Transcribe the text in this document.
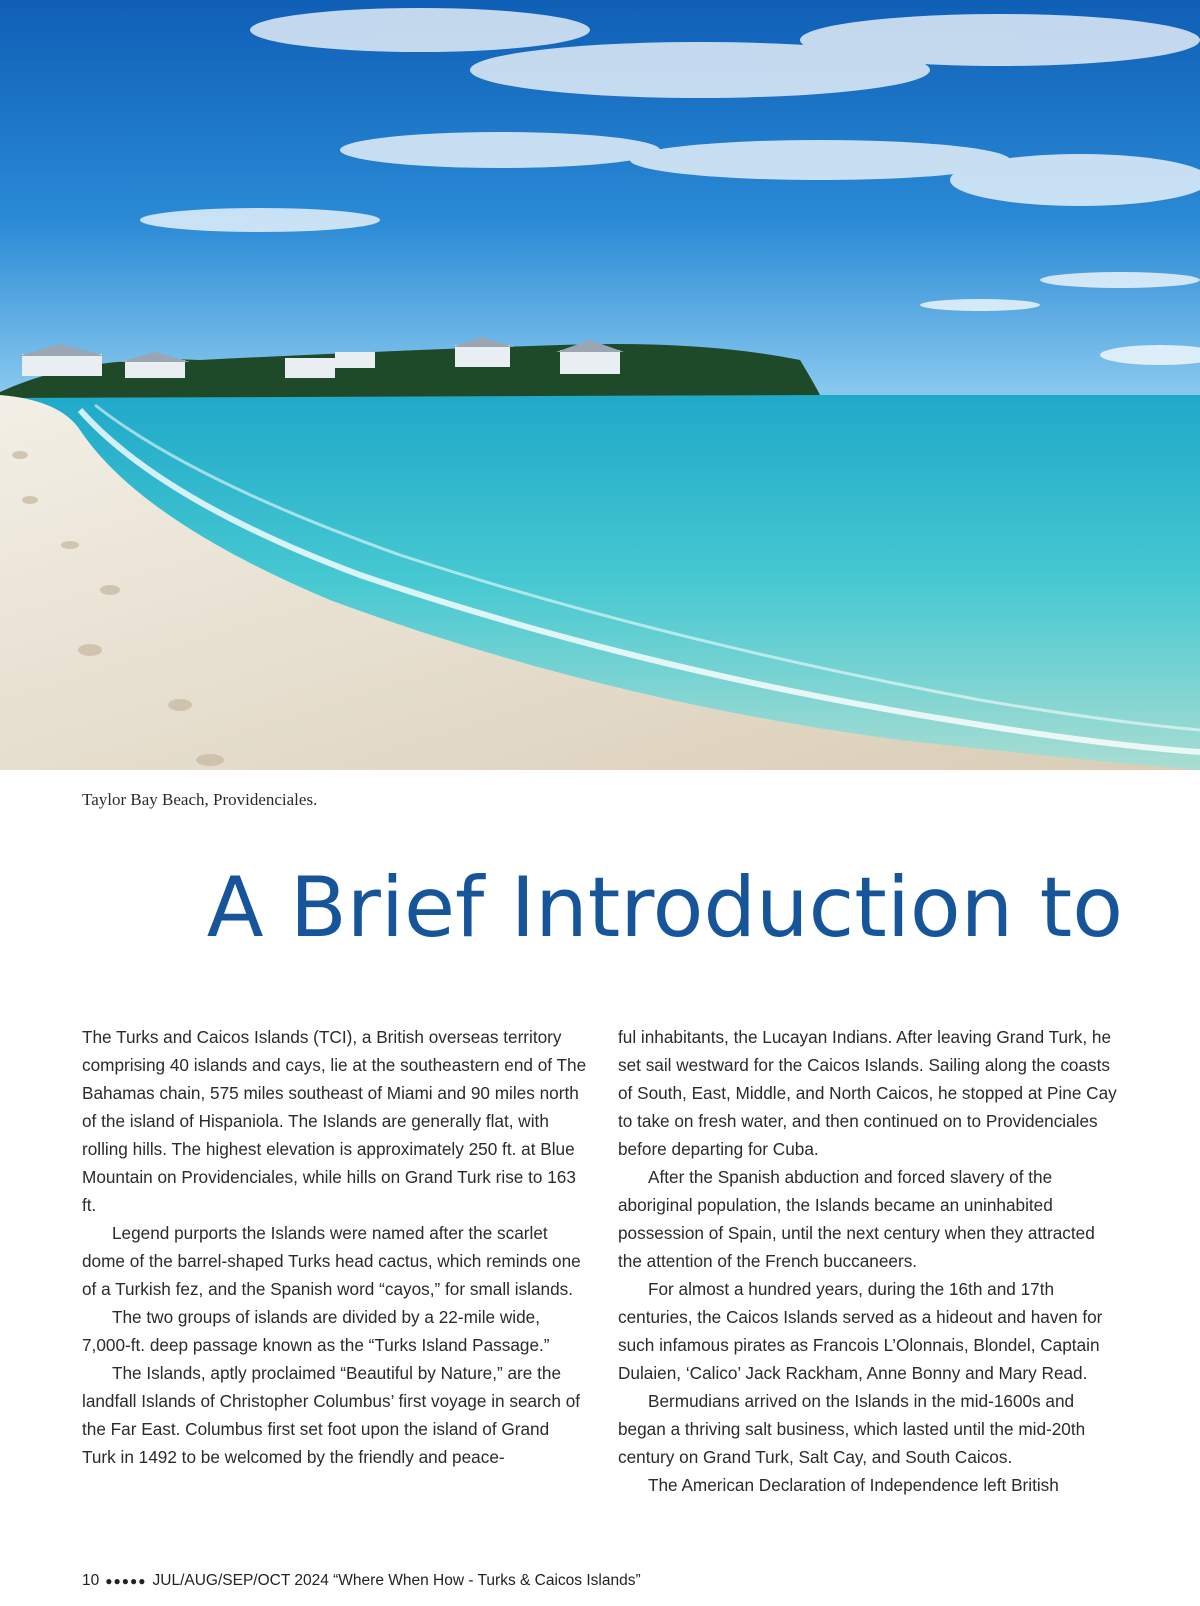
Taylor Bay Beach, Providenciales.
A Brief Introduction to

The Turks and Caicos Islands (TCI), a British overseas territory comprising 40 islands and cays, lie at the southeastern end of The Bahamas chain, 575 miles southeast of Miami and 90 miles north of the island of Hispaniola. The Islands are generally flat, with rolling hills. The highest elevation is approximately 250 ft. at Blue Mountain on Providenciales, while hills on Grand Turk rise to 163 ft.

Legend purports the Islands were named after the scarlet dome of the barrel-shaped Turks head cactus, which reminds one of a Turkish fez, and the Spanish word “cayos,” for small islands.

The two groups of islands are divided by a 22-mile wide, 7,000-ft. deep passage known as the “Turks Island Passage.”

The Islands, aptly proclaimed “Beautiful by Nature,” are the landfall Islands of Christopher Columbus’ first voyage in search of the Far East. Columbus first set foot upon the island of Grand Turk in 1492 to be welcomed by the friendly and peace-

ful inhabitants, the Lucayan Indians. After leaving Grand Turk, he set sail westward for the Caicos Islands. Sailing along the coasts of South, East, Middle, and North Caicos, he stopped at Pine Cay to take on fresh water, and then continued on to Providenciales before departing for Cuba.

After the Spanish abduction and forced slavery of the aboriginal population, the Islands became an uninhabited possession of Spain, until the next century when they attracted the attention of the French buccaneers.

For almost a hundred years, during the 16th and 17th centuries, the Caicos Islands served as a hideout and haven for such infamous pirates as Francois L’Olonnais, Blondel, Captain Dulaien, ‘Calico’ Jack Rackham, Anne Bonny and Mary Read.

Bermudians arrived on the Islands in the mid-1600s and began a thriving salt business, which lasted until the mid-20th century on Grand Turk, Salt Cay, and South Caicos.

The American Declaration of Independence left British

10 ●●●●● JUL/AUG/SEP/OCT 2024 “Where When How - Turks & Caicos Islands”
